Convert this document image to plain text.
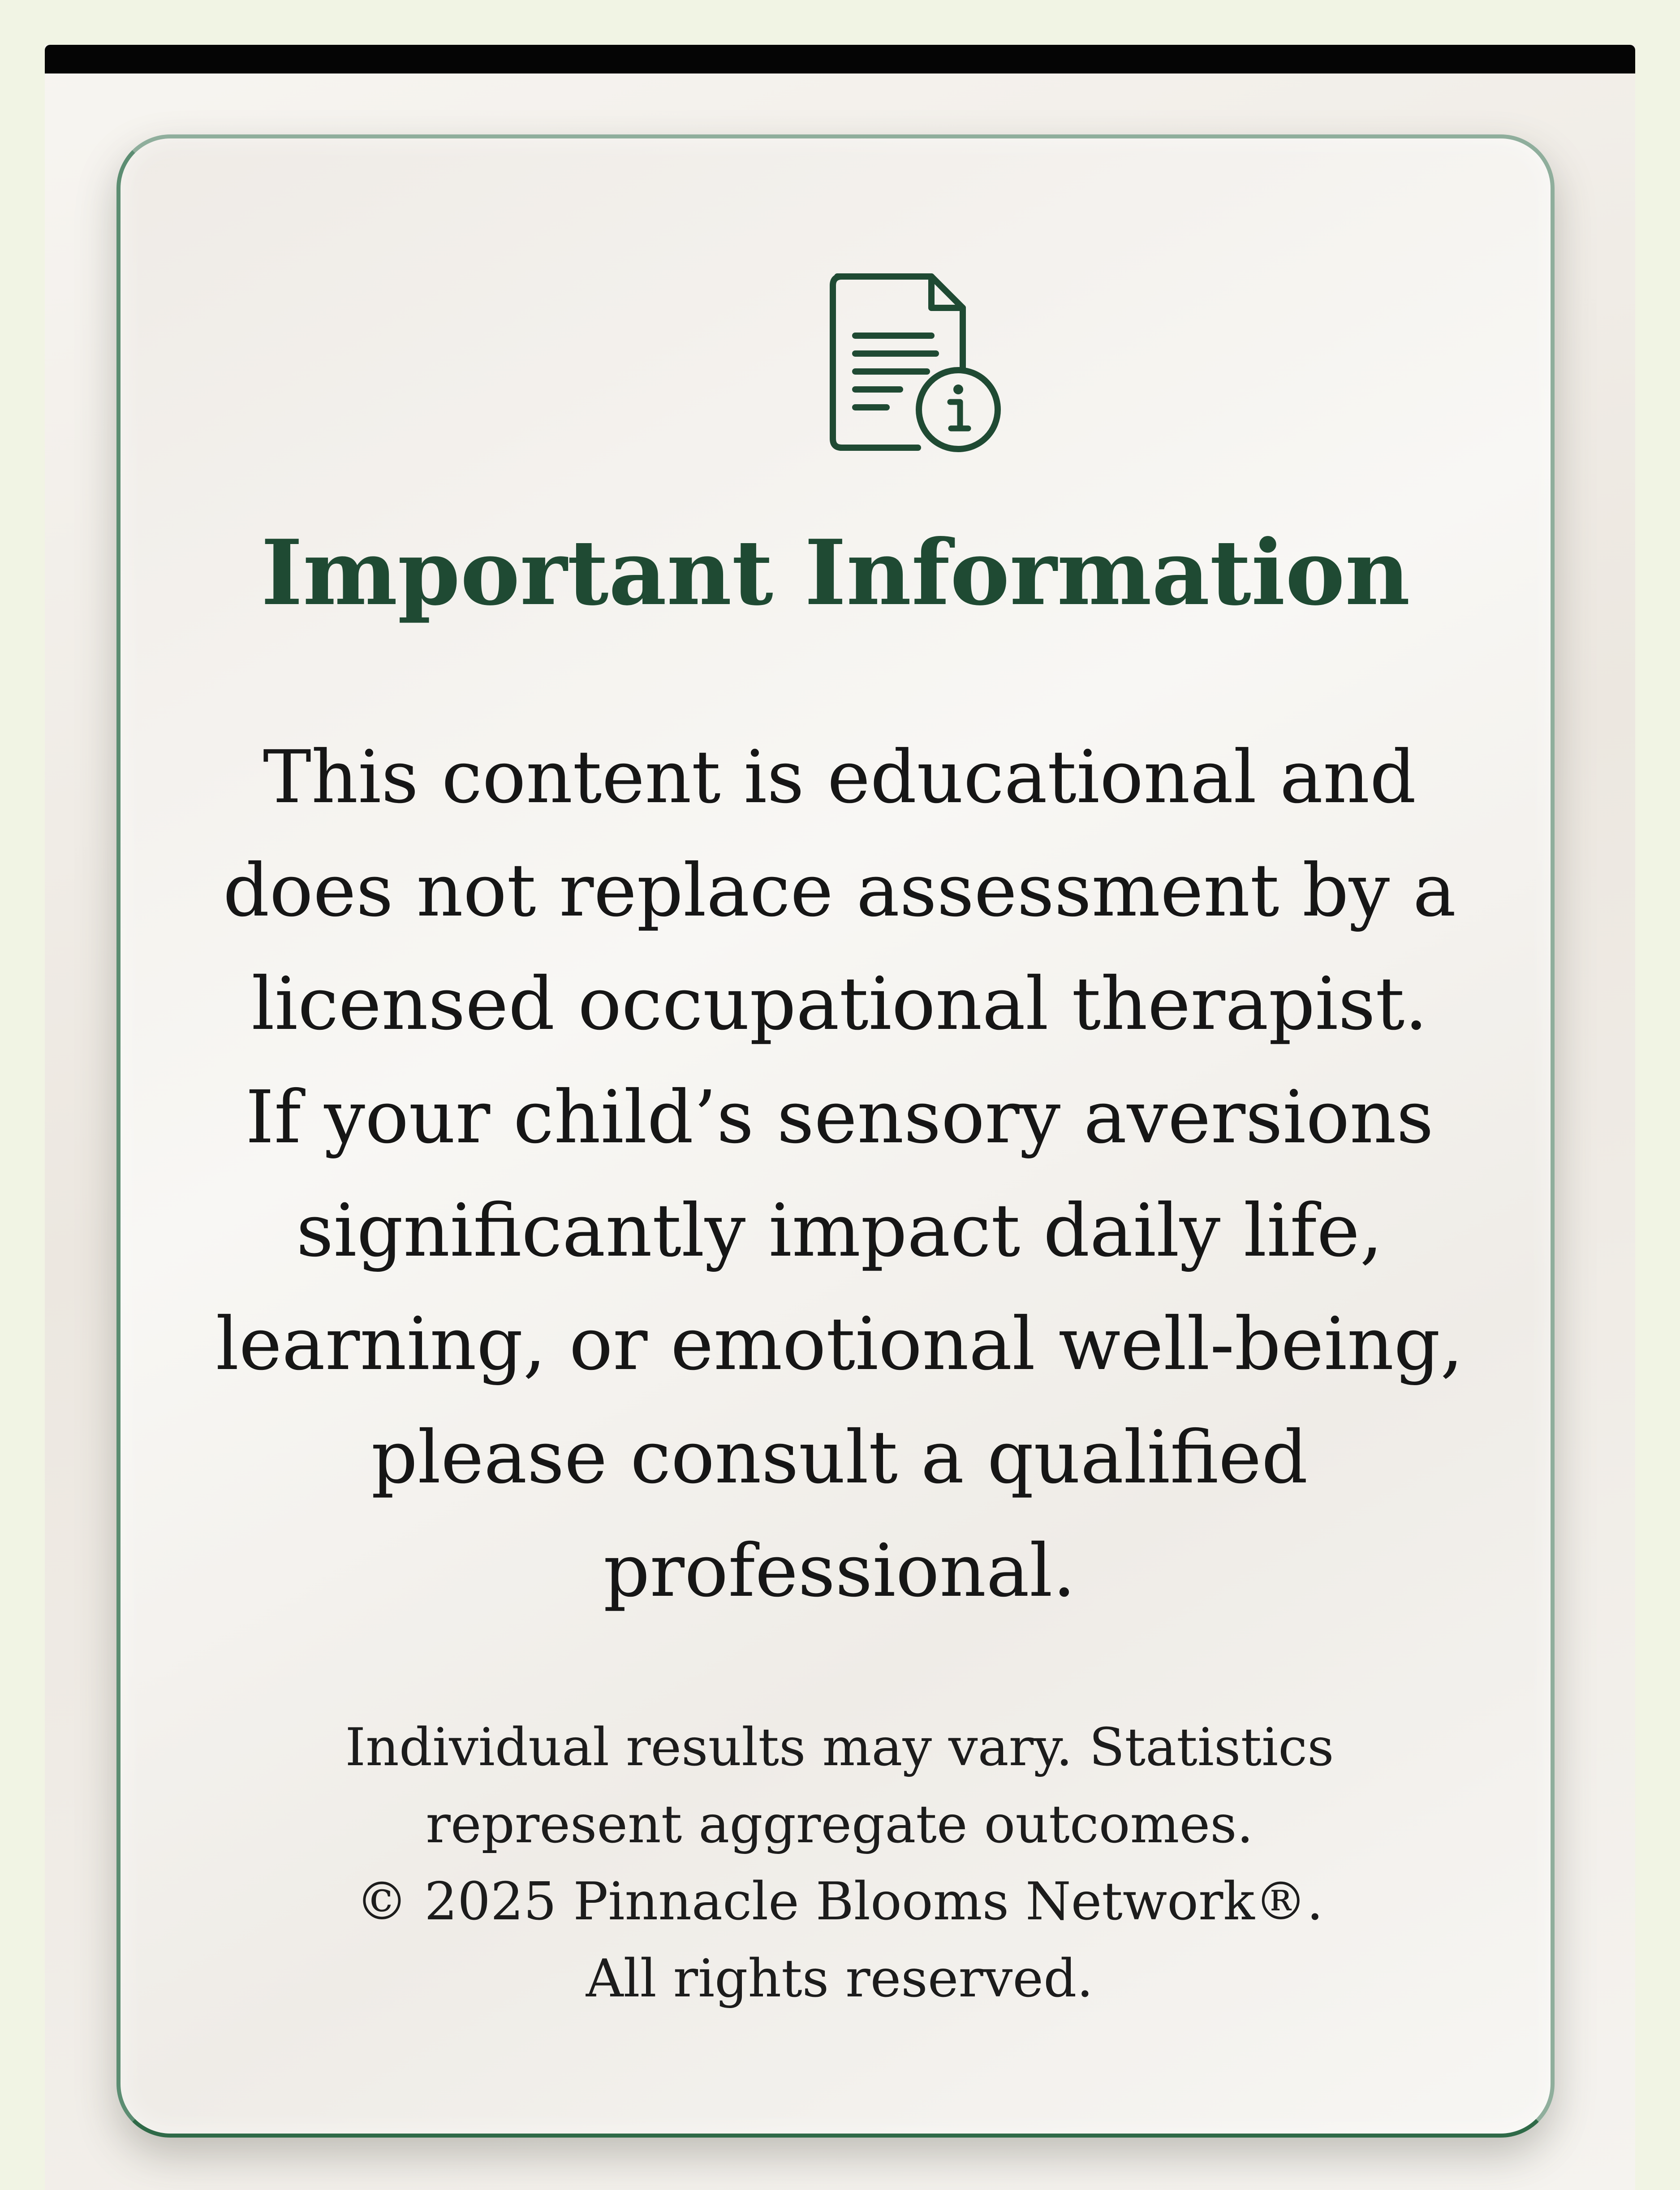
Important Information
This content is educational and
does not replace assessment by a
licensed occupational therapist.
If your child’s sensory aversions
significantly impact daily life,
learning, or emotional well-being,
please consult a qualified
professional.
Individual results may vary. Statistics
represent aggregate outcomes.
© 2025 Pinnacle Blooms Network®.
All rights reserved.
